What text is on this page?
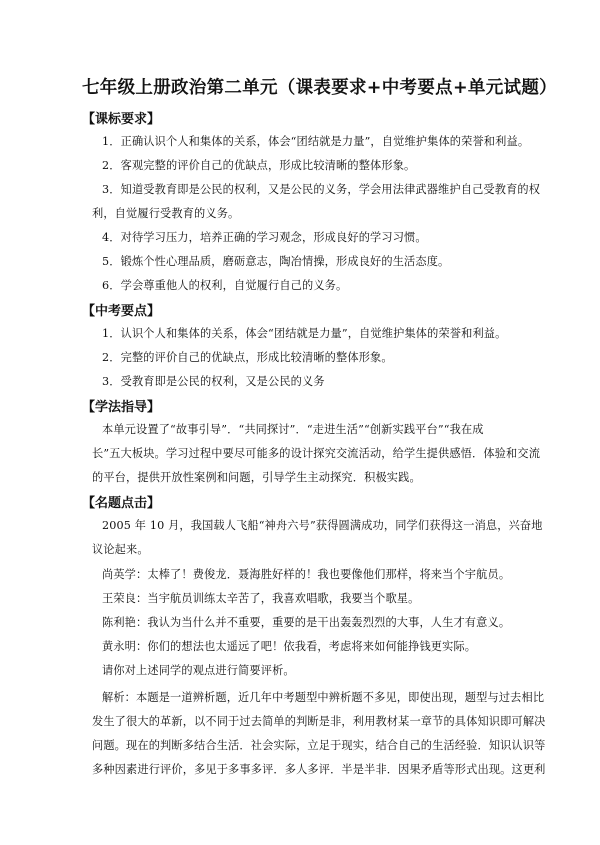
七年级上册政治第二单元（课表要求+中考要点+单元试题）
【课标要求】
1．正确认识个人和集体的关系，体会“团结就是力量”，自觉维护集体的荣誉和利益。
2．客观完整的评价自己的优缺点，形成比较清晰的整体形象。
3．知道受教育即是公民的权利，又是公民的义务，学会用法律武器维护自己受教育的权
利，自觉履行受教育的义务。
4．对待学习压力，培养正确的学习观念，形成良好的学习习惯。
5．锻炼个性心理品质，磨砺意志，陶冶情操，形成良好的生活态度。
6．学会尊重他人的权利，自觉履行自己的义务。
【中考要点】
1．认识个人和集体的关系，体会“团结就是力量”，自觉维护集体的荣誉和利益。
2．完整的评价自己的优缺点，形成比较清晰的整体形象。
3．受教育即是公民的权利，又是公民的义务
【学法指导】
本单元设置了“故事引导”．“共同探讨”．“走进生活”“创新实践平台”“我在成
长”五大板块。学习过程中要尽可能多的设计探究交流活动，给学生提供感悟．体验和交流
的平台，提供开放性案例和问题，引导学生主动探究．积极实践。
【名题点击】
2005 年 10 月，我国载人飞船“神舟六号”获得圆满成功，同学们获得这一消息，兴奋地
议论起来。
尚英学：太棒了！费俊龙．聂海胜好样的！我也要像他们那样，将来当个宇航员。
王荣良：当宇航员训练太辛苦了，我喜欢唱歌，我要当个歌星。
陈利艳：我认为当什么并不重要，重要的是干出轰轰烈烈的大事，人生才有意义。
黄永明：你们的想法也太遥远了吧！依我看，考虑将来如何能挣钱更实际。
请你对上述同学的观点进行简要评析。
解析：本题是一道辨析题，近几年中考题型中辨析题不多见，即使出现，题型与过去相比
发生了很大的革新，以不同于过去简单的判断是非，利用教材某一章节的具体知识即可解决
问题。现在的判断多结合生活．社会实际，立足于现实，结合自己的生活经验．知识认识等
多种因素进行评价，多见于多事多评．多人多评．半是半非．因果矛盾等形式出现。这更利
